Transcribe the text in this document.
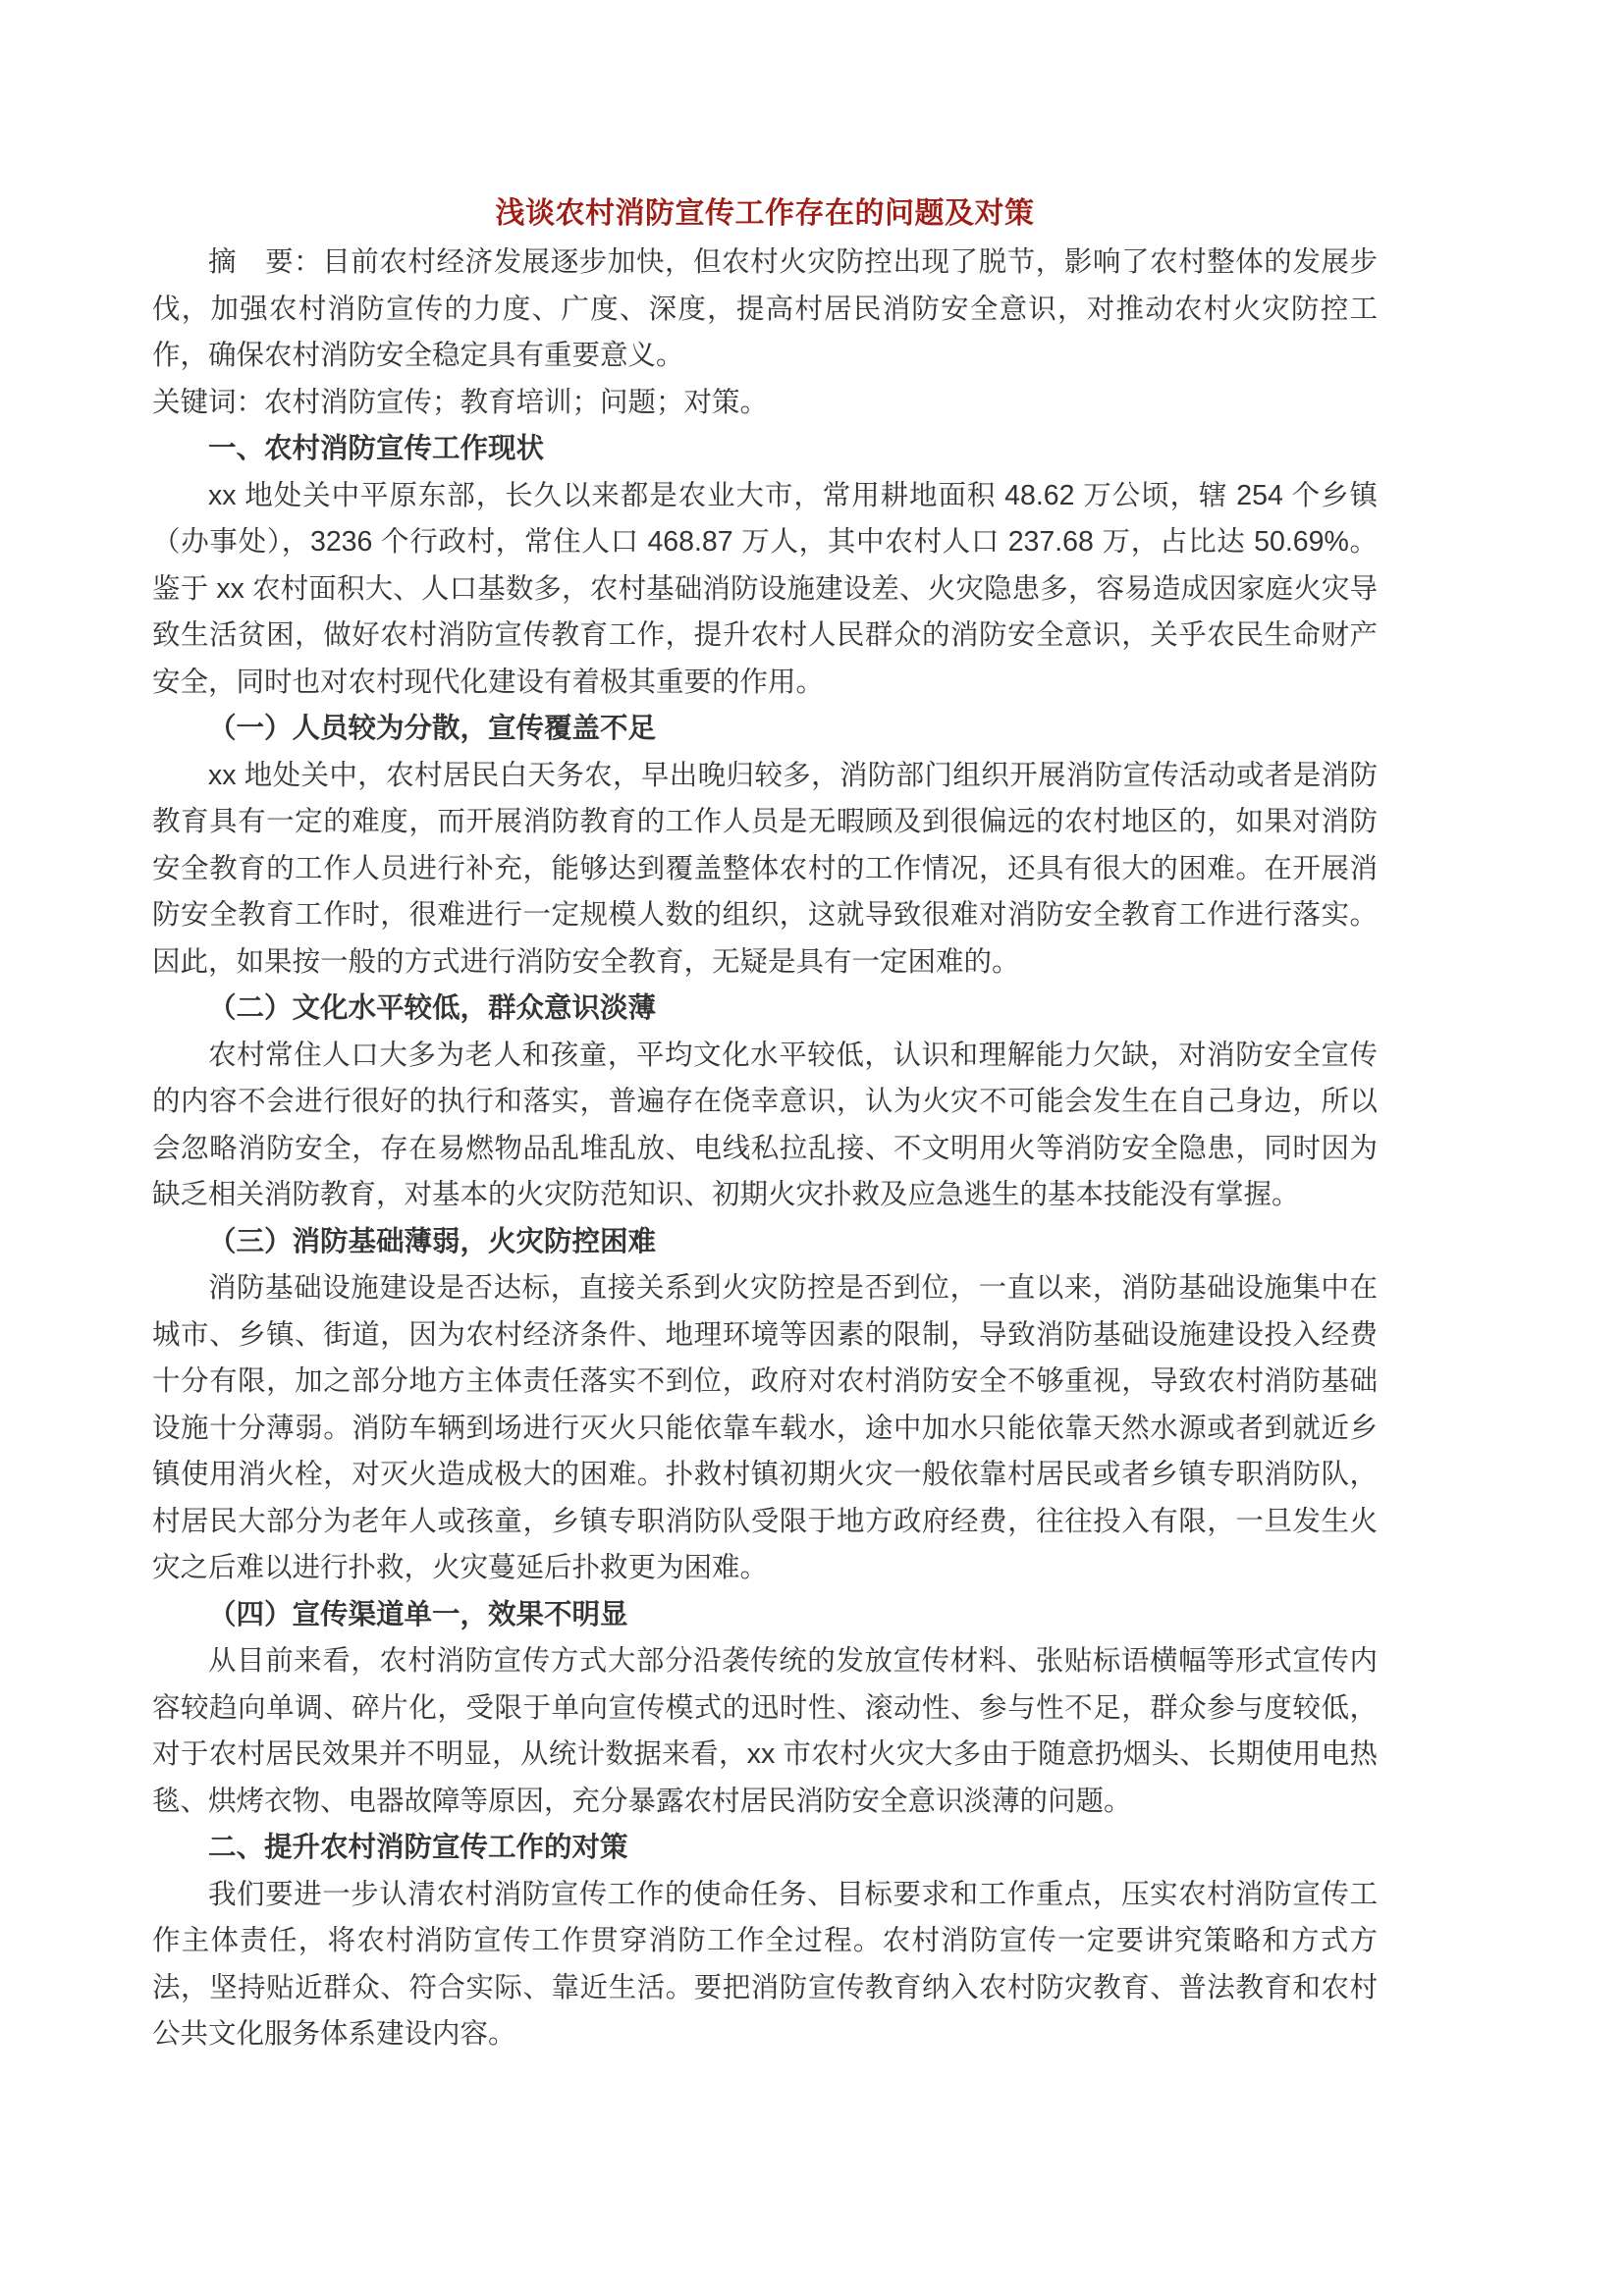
浅谈农村消防宣传工作存在的问题及对策

摘　要：目前农村经济发展逐步加快，但农村火灾防控出现了脱节，影响了农村整体的发展步伐，加强农村消防宣传的力度、广度、深度，提高村居民消防安全意识，对推动农村火灾防控工作，确保农村消防安全稳定具有重要意义。

关键词：农村消防宣传；教育培训；问题；对策。

一、农村消防宣传工作现状

xx 地处关中平原东部，长久以来都是农业大市，常用耕地面积 48.62 万公顷，辖 254 个乡镇（办事处），3236 个行政村，常住人口 468.87 万人，其中农村人口 237.68 万，占比达 50.69%。鉴于 xx 农村面积大、人口基数多，农村基础消防设施建设差、火灾隐患多，容易造成因家庭火灾导致生活贫困，做好农村消防宣传教育工作，提升农村人民群众的消防安全意识，关乎农民生命财产安全，同时也对农村现代化建设有着极其重要的作用。

（一）人员较为分散，宣传覆盖不足

xx 地处关中，农村居民白天务农，早出晚归较多，消防部门组织开展消防宣传活动或者是消防教育具有一定的难度，而开展消防教育的工作人员是无暇顾及到很偏远的农村地区的，如果对消防安全教育的工作人员进行补充，能够达到覆盖整体农村的工作情况，还具有很大的困难。在开展消防安全教育工作时，很难进行一定规模人数的组织，这就导致很难对消防安全教育工作进行落实。因此，如果按一般的方式进行消防安全教育，无疑是具有一定困难的。

（二）文化水平较低，群众意识淡薄

农村常住人口大多为老人和孩童，平均文化水平较低，认识和理解能力欠缺，对消防安全宣传的内容不会进行很好的执行和落实，普遍存在侥幸意识，认为火灾不可能会发生在自己身边，所以会忽略消防安全，存在易燃物品乱堆乱放、电线私拉乱接、不文明用火等消防安全隐患，同时因为缺乏相关消防教育，对基本的火灾防范知识、初期火灾扑救及应急逃生的基本技能没有掌握。

（三）消防基础薄弱，火灾防控困难

消防基础设施建设是否达标，直接关系到火灾防控是否到位，一直以来，消防基础设施集中在城市、乡镇、街道，因为农村经济条件、地理环境等因素的限制，导致消防基础设施建设投入经费十分有限，加之部分地方主体责任落实不到位，政府对农村消防安全不够重视，导致农村消防基础设施十分薄弱。消防车辆到场进行灭火只能依靠车载水，途中加水只能依靠天然水源或者到就近乡镇使用消火栓，对灭火造成极大的困难。扑救村镇初期火灾一般依靠村居民或者乡镇专职消防队，村居民大部分为老年人或孩童，乡镇专职消防队受限于地方政府经费，往往投入有限，一旦发生火灾之后难以进行扑救，火灾蔓延后扑救更为困难。

（四）宣传渠道单一，效果不明显

从目前来看，农村消防宣传方式大部分沿袭传统的发放宣传材料、张贴标语横幅等形式宣传内容较趋向单调、碎片化，受限于单向宣传模式的迅时性、滚动性、参与性不足，群众参与度较低，对于农村居民效果并不明显，从统计数据来看，xx 市农村火灾大多由于随意扔烟头、长期使用电热毯、烘烤衣物、电器故障等原因，充分暴露农村居民消防安全意识淡薄的问题。

二、提升农村消防宣传工作的对策

我们要进一步认清农村消防宣传工作的使命任务、目标要求和工作重点，压实农村消防宣传工作主体责任，将农村消防宣传工作贯穿消防工作全过程。农村消防宣传一定要讲究策略和方式方法，坚持贴近群众、符合实际、靠近生活。要把消防宣传教育纳入农村防灾教育、普法教育和农村公共文化服务体系建设内容。
